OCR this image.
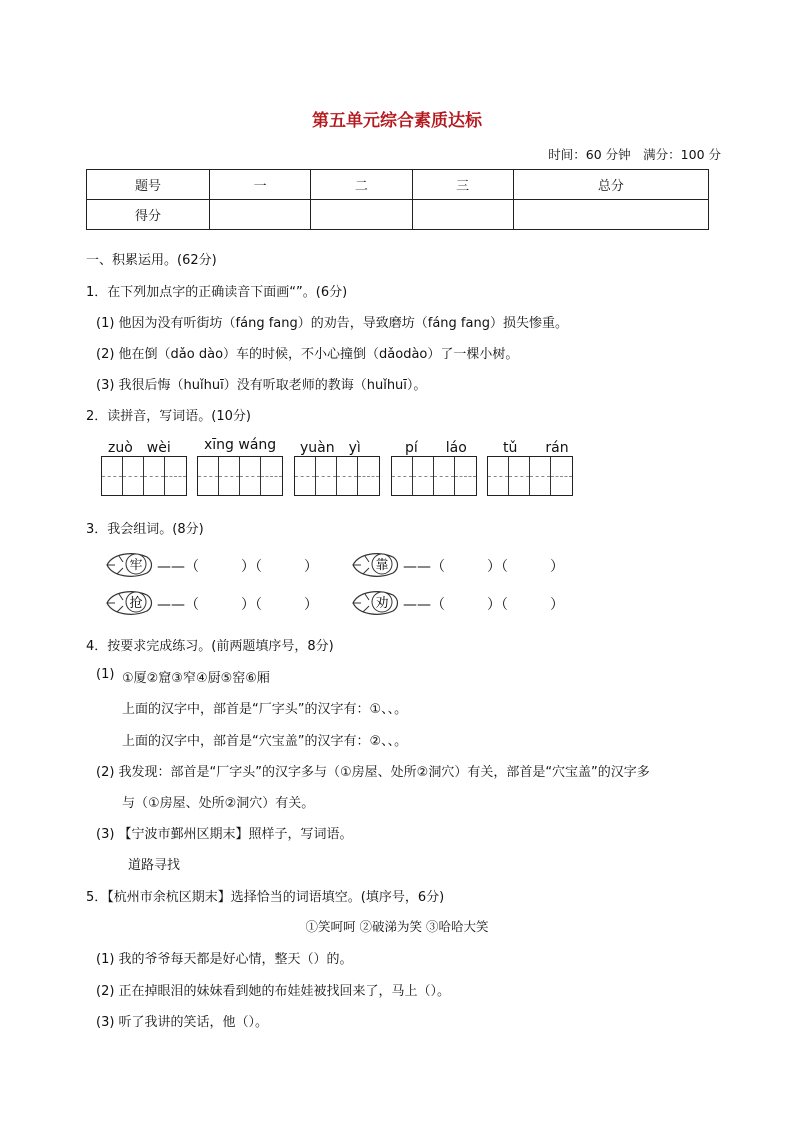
第五单元综合素质达标
时间：60 分钟　满分：100 分
题号	一	二	三	总分
得分				
一、积累运用。(62分)
1．在下列加点字的正确读音下面画“”。(6分)
(1) 他因为没有听街坊（fáng fang）的劝告，导致磨坊（fáng fang）损失惨重。
(2) 他在倒（dǎo dào）车的时候，不小心撞倒（dǎodào）了一棵小树。
(3) 我很后悔（huǐhuī）没有听取老师的教诲（huǐhuī）。
2．读拼音，写词语。(10分)
zuò　wèi xīng wáng yuàn　yì	pí　　láo	tǔ　　rán
3．我会组词。(8分)
牢 ——（　　　）（　　　）	靠 ——（　　　）（　　　）
抢 ——（　　　）（　　　）	劝 ——（　　　）（　　　）
4．按要求完成练习。(前两题填序号，8分)
(1) ①厦②窟③窄④厨⑤窑⑥厢
上面的汉字中，部首是“厂字头”的汉字有：①、、。
上面的汉字中，部首是“穴宝盖”的汉字有：②、、。
(2) 我发现：部首是“厂字头”的汉字多与（①房屋、处所②洞穴）有关，部首是“穴宝盖”的汉字多
与（①房屋、处所②洞穴）有关。
(3) 【宁波市鄞州区期末】照样子，写词语。
道路寻找
5．【杭州市余杭区期末】选择恰当的词语填空。(填序号，6分)
①笑呵呵 ②破涕为笑 ③哈哈大笑
(1) 我的爷爷每天都是好心情，整天（）的。
(2) 正在掉眼泪的妹妹看到她的布娃娃被找回来了，马上（）。
(3) 听了我讲的笑话，他（）。
